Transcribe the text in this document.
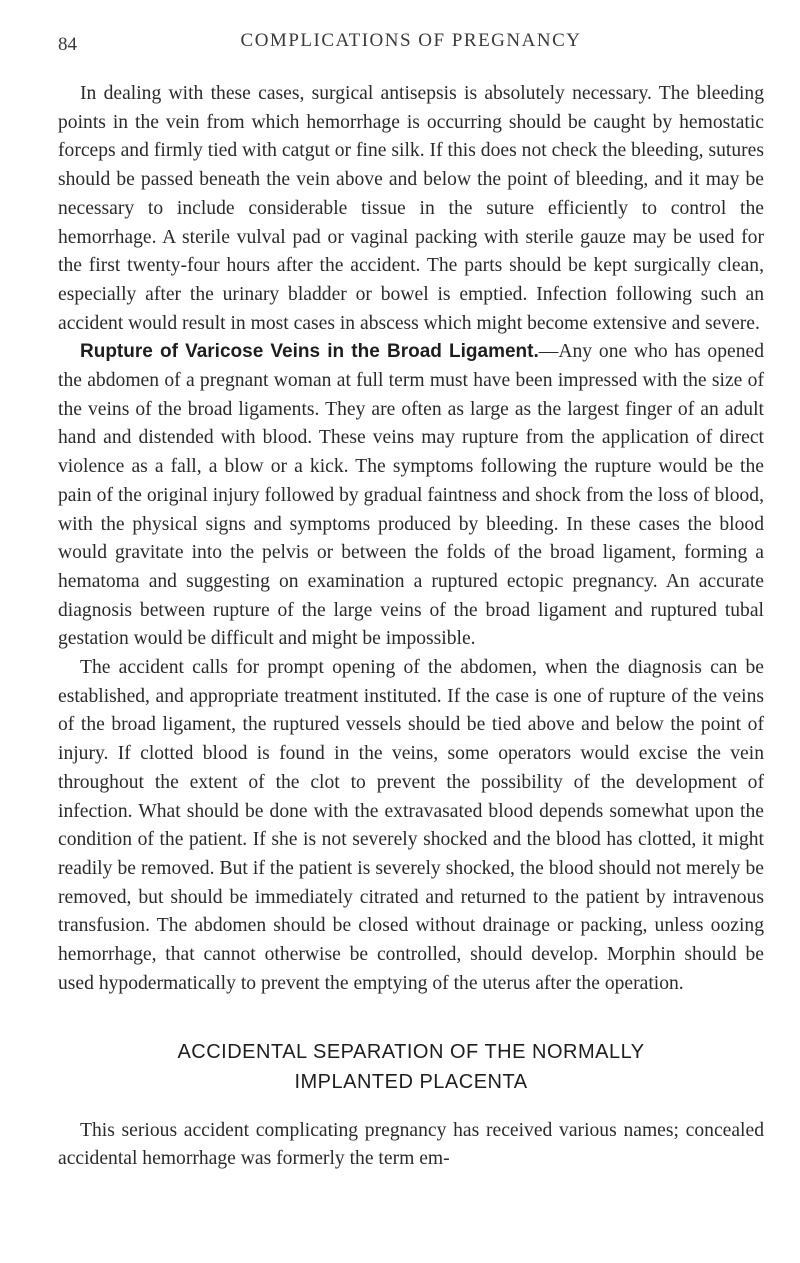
84	COMPLICATIONS OF PREGNANCY

In dealing with these cases, surgical antisepsis is absolutely necessary. The bleeding points in the vein from which hemorrhage is occurring should be caught by hemostatic forceps and firmly tied with catgut or fine silk. If this does not check the bleeding, sutures should be passed beneath the vein above and below the point of bleeding, and it may be necessary to include considerable tissue in the suture efficiently to control the hemorrhage. A sterile vulval pad or vaginal packing with sterile gauze may be used for the first twenty-four hours after the accident. The parts should be kept surgically clean, especially after the urinary bladder or bowel is emptied. Infection following such an accident would result in most cases in abscess which might become extensive and severe.

Rupture of Varicose Veins in the Broad Ligament.—Any one who has opened the abdomen of a pregnant woman at full term must have been impressed with the size of the veins of the broad ligaments. They are often as large as the largest finger of an adult hand and distended with blood. These veins may rupture from the application of direct violence as a fall, a blow or a kick. The symptoms following the rupture would be the pain of the original injury followed by gradual faintness and shock from the loss of blood, with the physical signs and symptoms produced by bleeding. In these cases the blood would gravitate into the pelvis or between the folds of the broad ligament, forming a hematoma and suggesting on examination a ruptured ectopic pregnancy. An accurate diagnosis between rupture of the large veins of the broad ligament and ruptured tubal gestation would be difficult and might be impossible.

The accident calls for prompt opening of the abdomen, when the diagnosis can be established, and appropriate treatment instituted. If the case is one of rupture of the veins of the broad ligament, the ruptured vessels should be tied above and below the point of injury. If clotted blood is found in the veins, some operators would excise the vein throughout the extent of the clot to prevent the possibility of the development of infection. What should be done with the extravasated blood depends somewhat upon the condition of the patient. If she is not severely shocked and the blood has clotted, it might readily be removed. But if the patient is severely shocked, the blood should not merely be removed, but should be immediately citrated and returned to the patient by intravenous transfusion. The abdomen should be closed without drainage or packing, unless oozing hemorrhage, that cannot otherwise be controlled, should develop. Morphin should be used hypodermatically to prevent the emptying of the uterus after the operation.

ACCIDENTAL SEPARATION OF THE NORMALLY
IMPLANTED PLACENTA

This serious accident complicating pregnancy has received various names; concealed accidental hemorrhage was formerly the term em-
